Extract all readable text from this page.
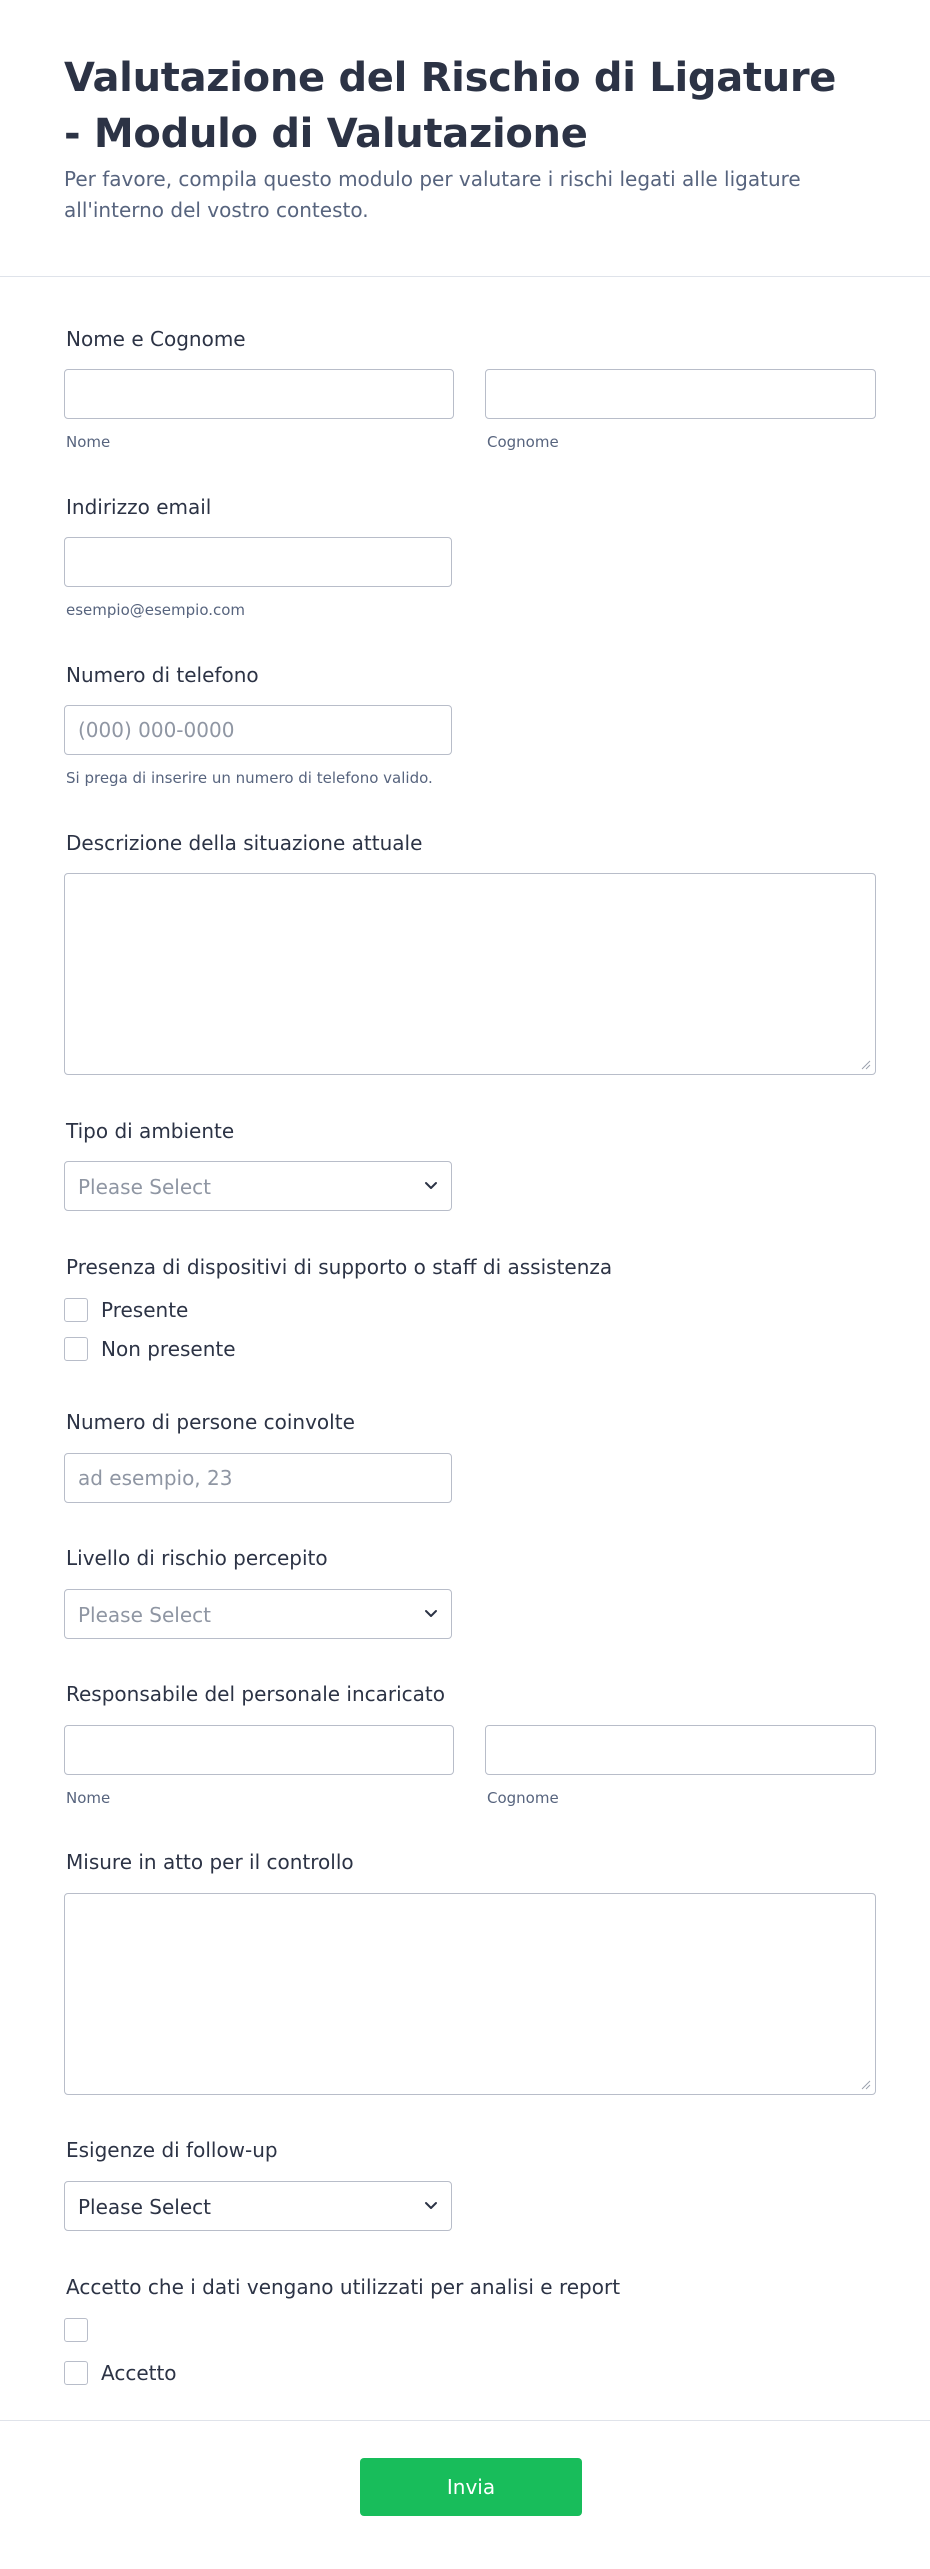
Valutazione del Rischio di Ligature - Modulo di Valutazione

Per favore, compila questo modulo per valutare i rischi legati alle ligature all'interno del vostro contesto.

Nome e Cognome
Nome	Cognome
Indirizzo email
esempio@esempio.com
Numero di telefono
(000) 000-0000
Si prega di inserire un numero di telefono valido.
Descrizione della situazione attuale
Tipo di ambiente
Please Select
Presenza di dispositivi di supporto o staff di assistenza
Presente
Non presente
Numero di persone coinvolte
ad esempio, 23
Livello di rischio percepito
Please Select
Responsabile del personale incaricato
Nome	Cognome
Misure in atto per il controllo
Esigenze di follow-up
Please Select
Accetto che i dati vengano utilizzati per analisi e report
Accetto
Invia
